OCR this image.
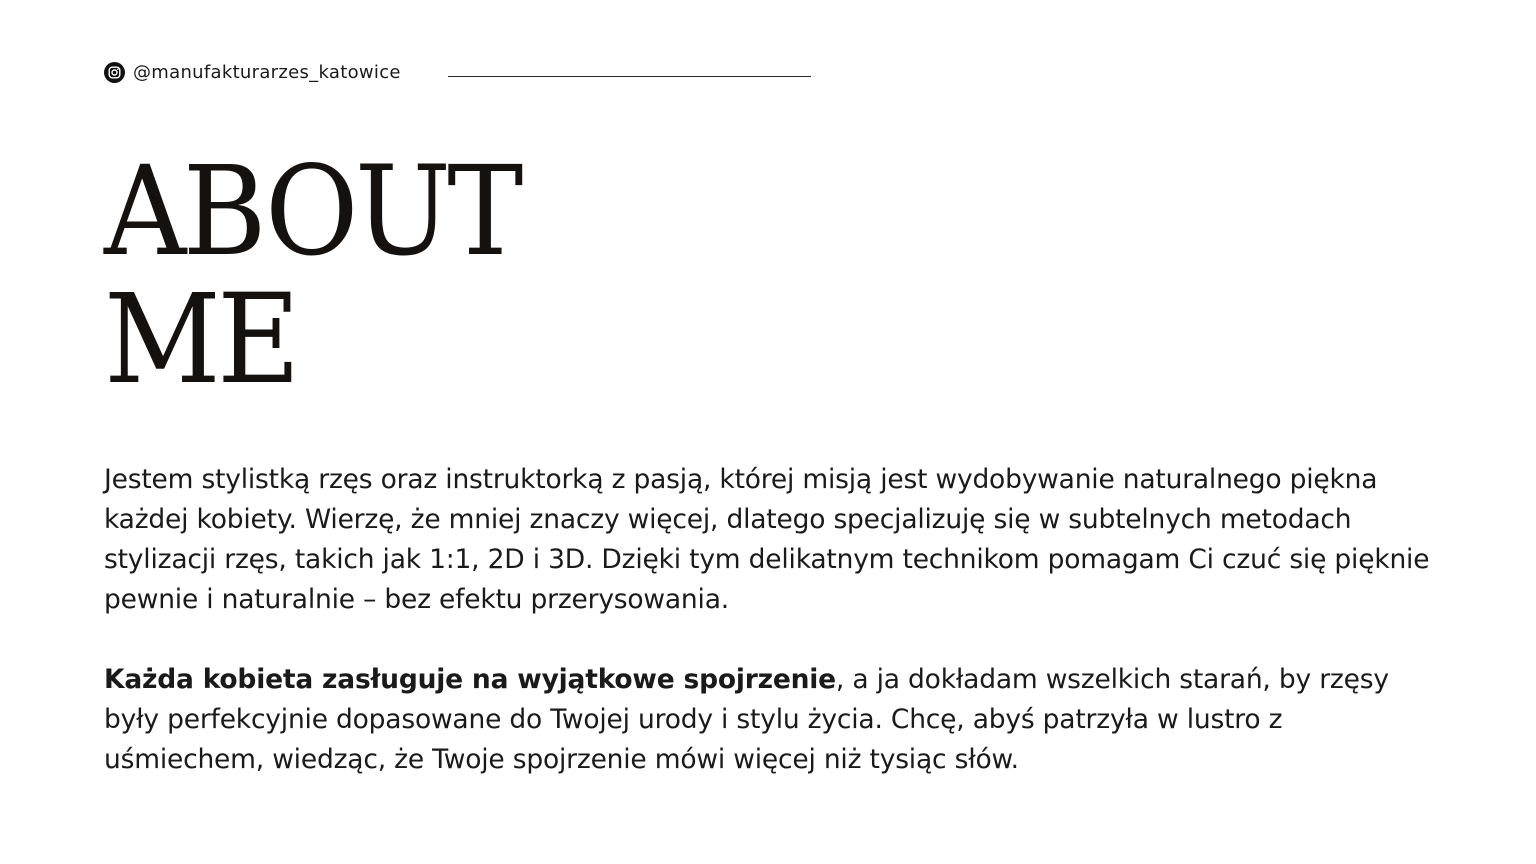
@manufakturarzes_katowice
ABOUT
ME

Jestem stylistką rzęs oraz instruktorką z pasją, której misją jest wydobywanie naturalnego piękna każdej kobiety. Wierzę, że mniej znaczy więcej, dlatego specjalizuję się w subtelnych metodach stylizacji rzęs, takich jak 1:1, 2D i 3D. Dzięki tym delikatnym technikom pomagam Ci czuć się pięknie pewnie i naturalnie – bez efektu przerysowania.

Każda kobieta zasługuje na wyjątkowe spojrzenie, a ja dokładam wszelkich starań, by rzęsy były perfekcyjnie dopasowane do Twojej urody i stylu życia. Chcę, abyś patrzyła w lustro z uśmiechem, wiedząc, że Twoje spojrzenie mówi więcej niż tysiąc słów.
